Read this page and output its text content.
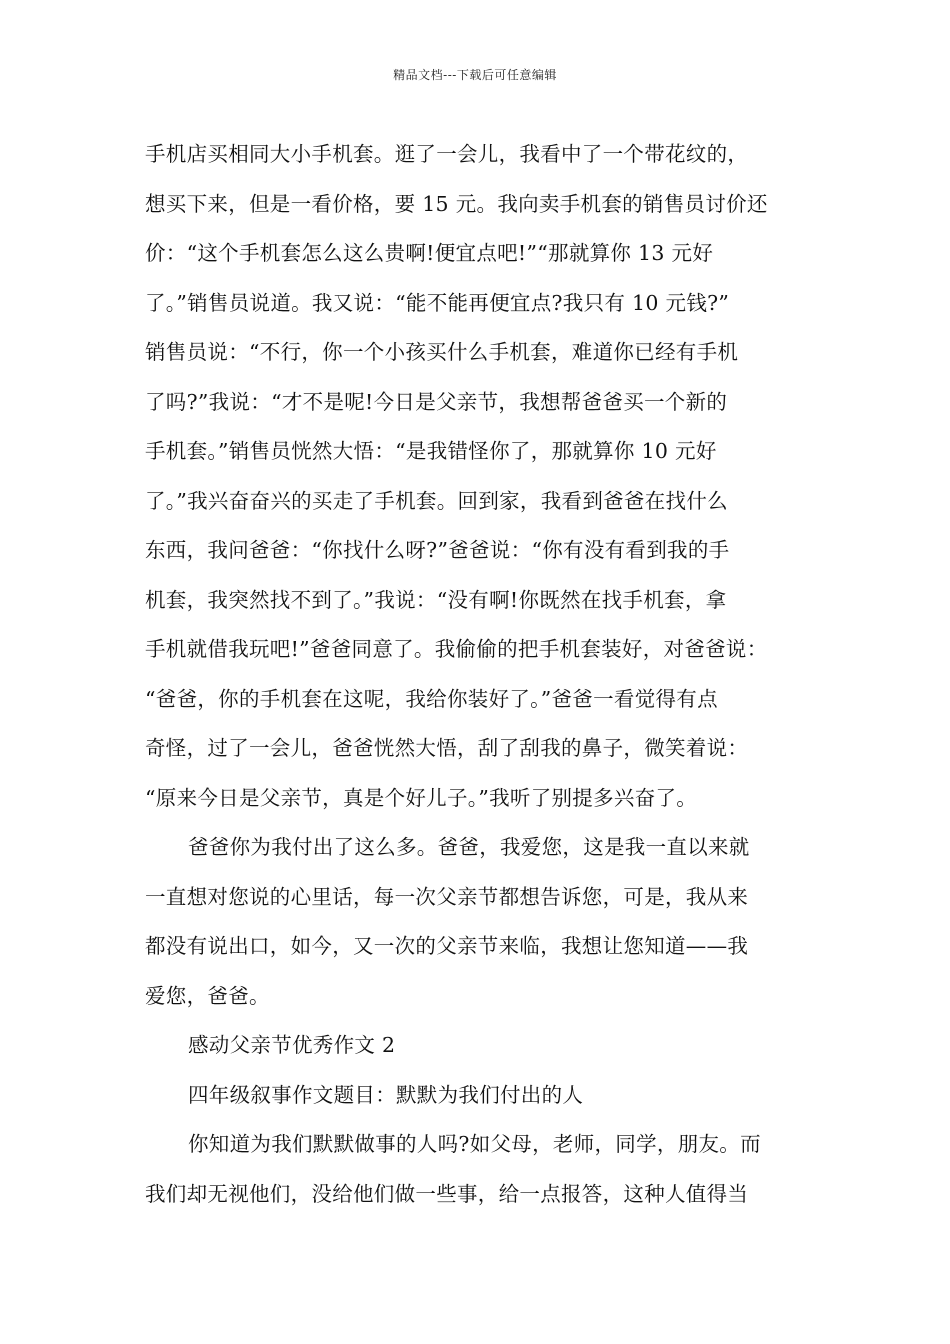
精品文档---下载后可任意编辑
手机店买相同大小手机套。逛了一会儿，我看中了一个带花纹的，
想买下来，但是一看价格，要 15 元。我向卖手机套的销售员讨价还
价：“这个手机套怎么这么贵啊!便宜点吧!”“那就算你 13 元好
了。”销售员说道。我又说：“能不能再便宜点?我只有 10 元钱?”
销售员说：“不行，你一个小孩买什么手机套，难道你已经有手机
了吗?”我说：“才不是呢!今日是父亲节，我想帮爸爸买一个新的
手机套。”销售员恍然大悟：“是我错怪你了，那就算你 10 元好
了。”我兴奋奋兴的买走了手机套。回到家，我看到爸爸在找什么
东西，我问爸爸：“你找什么呀?”爸爸说：“你有没有看到我的手
机套，我突然找不到了。”我说：“没有啊!你既然在找手机套，拿
手机就借我玩吧!”爸爸同意了。我偷偷的把手机套装好，对爸爸说：
“爸爸，你的手机套在这呢，我给你装好了。”爸爸一看觉得有点
奇怪，过了一会儿，爸爸恍然大悟，刮了刮我的鼻子，微笑着说：
“原来今日是父亲节，真是个好儿子。”我听了别提多兴奋了。
爸爸你为我付出了这么多。爸爸，我爱您，这是我一直以来就
一直想对您说的心里话，每一次父亲节都想告诉您，可是，我从来
都没有说出口，如今，又一次的父亲节来临，我想让您知道——我
爱您，爸爸。
感动父亲节优秀作文 2
四年级叙事作文题目：默默为我们付出的人
你知道为我们默默做事的人吗?如父母，老师，同学，朋友。而
我们却无视他们，没给他们做一些事，给一点报答，这种人值得当
